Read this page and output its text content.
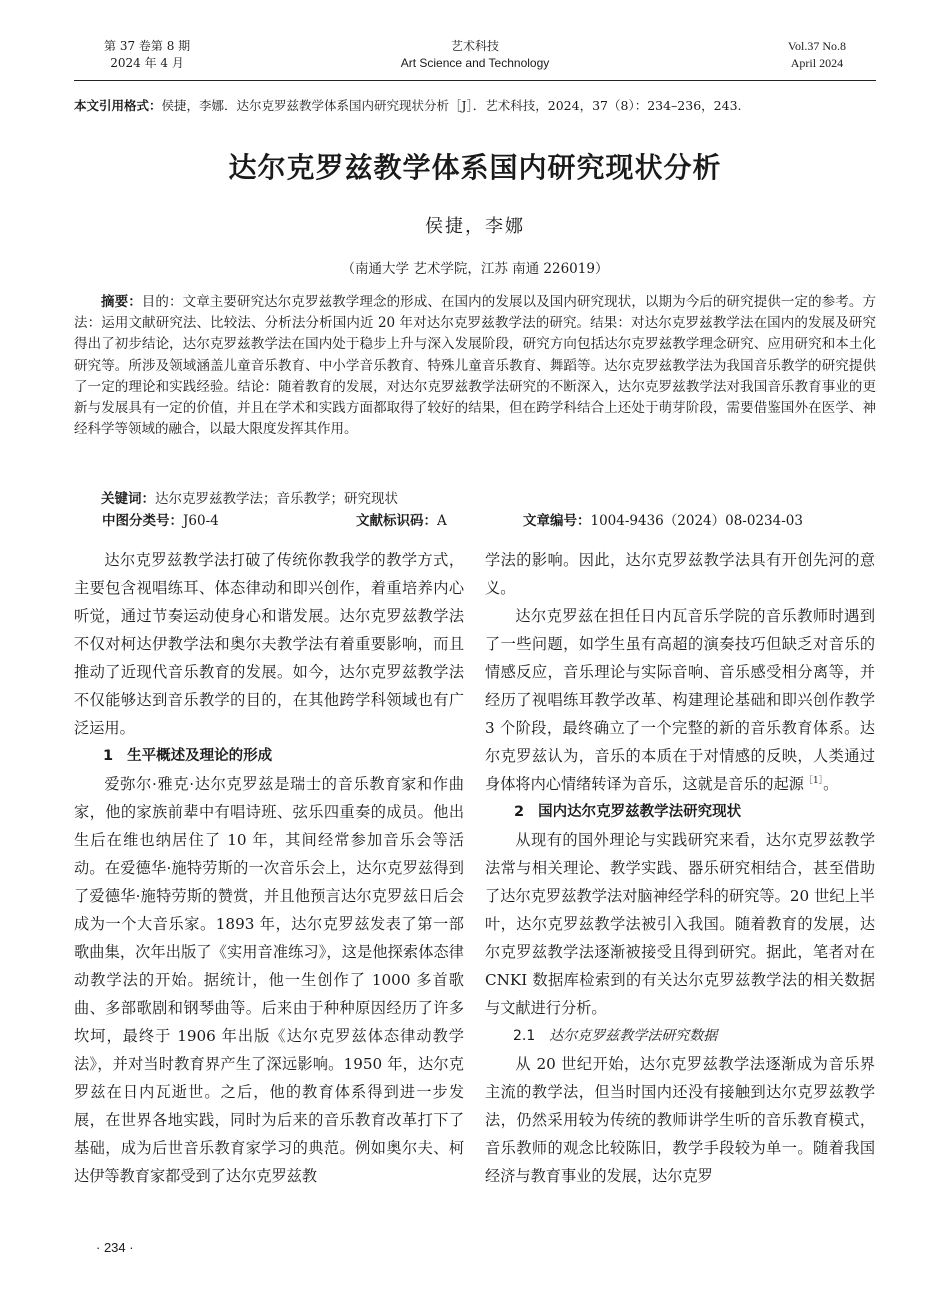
第 37 卷第 8 期
2024 年 4 月
艺术科技
Art Science and Technology
Vol.37 No.8
April 2024
本文引用格式：侯捷，李娜．达尔克罗兹教学体系国内研究现状分析［J］．艺术科技，2024，37（8）：234–236，243.
达尔克罗兹教学体系国内研究现状分析
侯捷，李娜
（南通大学 艺术学院，江苏 南通 226019）

摘要：目的：文章主要研究达尔克罗兹教学理念的形成、在国内的发展以及国内研究现状，以期为今后的研究提供一定的参考。方法：运用文献研究法、比较法、分析法分析国内近 20 年对达尔克罗兹教学法的研究。结果：对达尔克罗兹教学法在国内的发展及研究得出了初步结论，达尔克罗兹教学法在国内处于稳步上升与深入发展阶段，研究方向包括达尔克罗兹教学理念研究、应用研究和本土化研究等。所涉及领域涵盖儿童音乐教育、中小学音乐教育、特殊儿童音乐教育、舞蹈等。达尔克罗兹教学法为我国音乐教学的研究提供了一定的理论和实践经验。结论：随着教育的发展，对达尔克罗兹教学法研究的不断深入，达尔克罗兹教学法对我国音乐教育事业的更新与发展具有一定的价值，并且在学术和实践方面都取得了较好的结果，但在跨学科结合上还处于萌芽阶段，需要借鉴国外在医学、神经科学等领域的融合，以最大限度发挥其作用。

关键词：达尔克罗兹教学法；音乐教学；研究现状
中图分类号：J60-4	文献标识码：A	文章编号：1004-9436（2024）08-0234-03

达尔克罗兹教学法打破了传统你教我学的教学方式，主要包含视唱练耳、体态律动和即兴创作，着重培养内心听觉，通过节奏运动使身心和谐发展。达尔克罗兹教学法不仅对柯达伊教学法和奥尔夫教学法有着重要影响，而且推动了近现代音乐教育的发展。如今，达尔克罗兹教学法不仅能够达到音乐教学的目的，在其他跨学科领域也有广泛运用。

1 生平概述及理论的形成

爱弥尔·雅克·达尔克罗兹是瑞士的音乐教育家和作曲家，他的家族前辈中有唱诗班、弦乐四重奏的成员。他出生后在维也纳居住了 10 年，其间经常参加音乐会等活动。在爱德华·施特劳斯的一次音乐会上，达尔克罗兹得到了爱德华·施特劳斯的赞赏，并且他预言达尔克罗兹日后会成为一个大音乐家。1893 年，达尔克罗兹发表了第一部歌曲集，次年出版了《实用音准练习》，这是他探索体态律动教学法的开始。据统计，他一生创作了 1000 多首歌曲、多部歌剧和钢琴曲等。后来由于种种原因经历了许多坎坷，最终于 1906 年出版《达尔克罗兹体态律动教学法》，并对当时教育界产生了深远影响。1950 年，达尔克罗兹在日内瓦逝世。之后，他的教育体系得到进一步发展，在世界各地实践，同时为后来的音乐教育改革打下了基础，成为后世音乐教育家学习的典范。例如奥尔夫、柯达伊等教育家都受到了达尔克罗兹教

学法的影响。因此，达尔克罗兹教学法具有开创先河的意义。

达尔克罗兹在担任日内瓦音乐学院的音乐教师时遇到了一些问题，如学生虽有高超的演奏技巧但缺乏对音乐的情感反应，音乐理论与实际音响、音乐感受相分离等，并经历了视唱练耳教学改革、构建理论基础和即兴创作教学 3 个阶段，最终确立了一个完整的新的音乐教育体系。达尔克罗兹认为，音乐的本质在于对情感的反映，人类通过身体将内心情绪转译为音乐，这就是音乐的起源$^{[1]}$。

2 国内达尔克罗兹教学法研究现状

从现有的国外理论与实践研究来看，达尔克罗兹教学法常与相关理论、教学实践、器乐研究相结合，甚至借助了达尔克罗兹教学法对脑神经学科的研究等。20 世纪上半叶，达尔克罗兹教学法被引入我国。随着教育的发展，达尔克罗兹教学法逐渐被接受且得到研究。据此，笔者对在 CNKI 数据库检索到的有关达尔克罗兹教学法的相关数据与文献进行分析。

2.1 达尔克罗兹教学法研究数据

从 20 世纪开始，达尔克罗兹教学法逐渐成为音乐界主流的教学法，但当时国内还没有接触到达尔克罗兹教学法，仍然采用较为传统的教师讲学生听的音乐教育模式，音乐教师的观念比较陈旧，教学手段较为单一。随着我国经济与教育事业的发展，达尔克罗

· 234 ·
